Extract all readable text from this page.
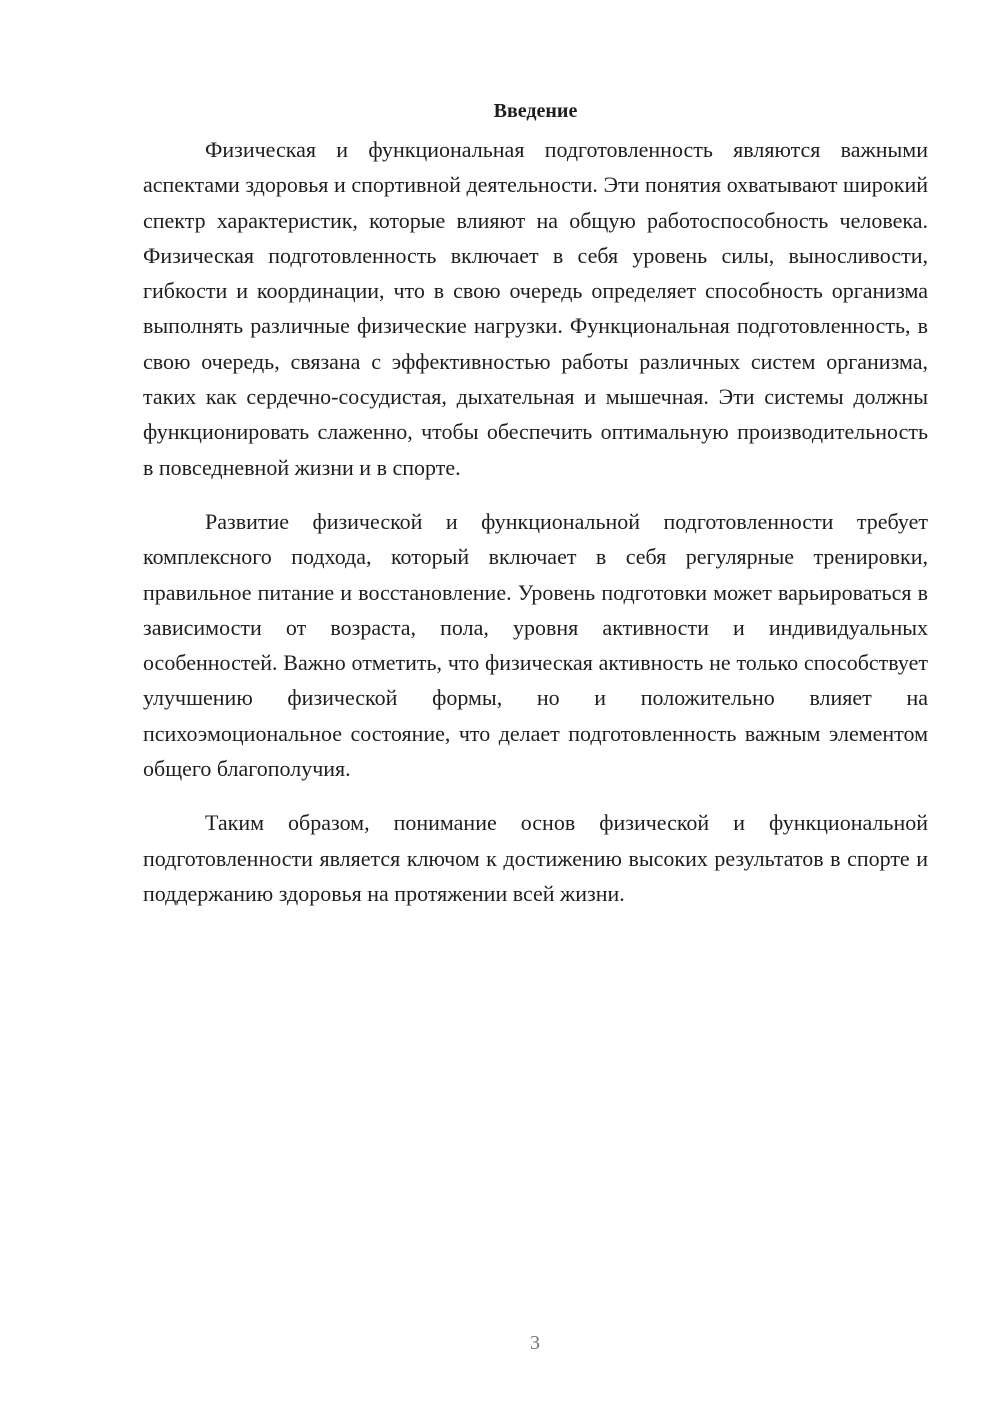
Введение

Физическая и функциональная подготовленность являются важными аспектами здоровья и спортивной деятельности. Эти понятия охватывают широкий спектр характеристик, которые влияют на общую работоспособность человека. Физическая подготовленность включает в себя уровень силы, выносливости, гибкости и координации, что в свою очередь определяет способность организма выполнять различные физические нагрузки. Функциональная подготовленность, в свою очередь, связана с эффективностью работы различных систем организма, таких как сердечно-сосудистая, дыхательная и мышечная. Эти системы должны функционировать слаженно, чтобы обеспечить оптимальную производительность в повседневной жизни и в спорте.

Развитие физической и функциональной подготовленности требует комплексного подхода, который включает в себя регулярные тренировки, правильное питание и восстановление. Уровень подготовки может варьироваться в зависимости от возраста, пола, уровня активности и индивидуальных особенностей. Важно отметить, что физическая активность не только способствует улучшению физической формы, но и положительно влияет на психоэмоциональное состояние, что делает подготовленность важным элементом общего благополучия.

Таким образом, понимание основ физической и функциональной подготовленности является ключом к достижению высоких результатов в спорте и поддержанию здоровья на протяжении всей жизни.

3
